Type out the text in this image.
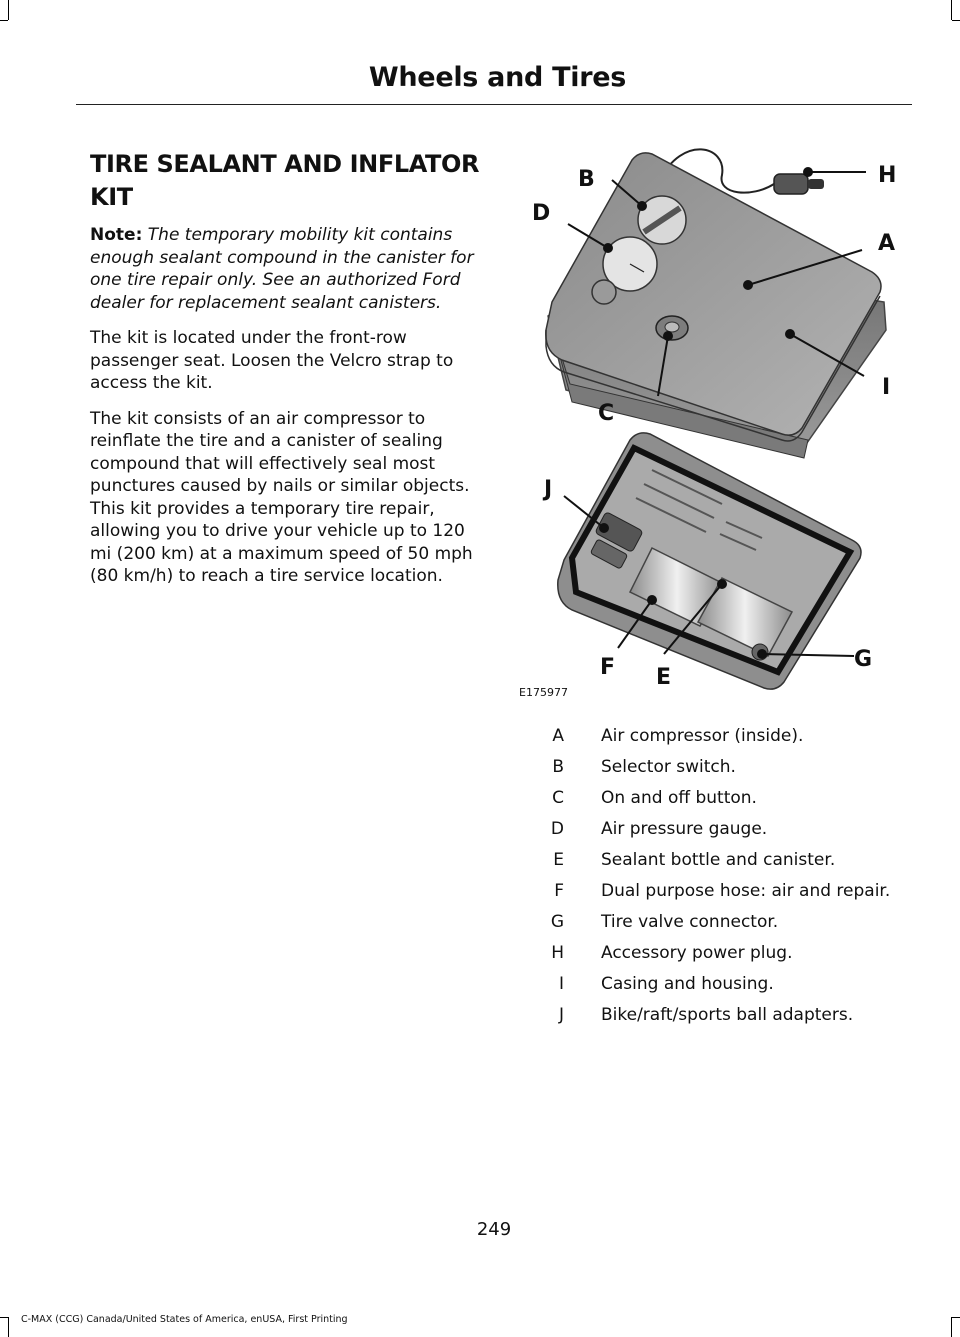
Wheels and Tires
TIRE SEALANT AND INFLATOR
KIT

Note: The temporary mobility kit contains enough sealant compound in the canister for one tire repair only. See an authorized Ford dealer for replacement sealant canisters.

The kit is located under the front-row passenger seat. Loosen the Velcro strap to access the kit.

The kit consists of an air compressor to reinflate the tire and a canister of sealing compound that will effectively seal most punctures caused by nails or similar objects. This kit provides a temporary tire repair, allowing you to drive your vehicle up to 120 mi (200 km) at a maximum speed of 50 mph (80 km/h) to reach a tire service location.

H
B
D
A
I
C
J
G
F E
E175977
A Air compressor (inside).
B Selector switch.
C On and off button.
D Air pressure gauge.
E Sealant bottle and canister.
F Dual purpose hose: air and repair.
G Tire valve connector.
H Accessory power plug.
I Casing and housing.
J Bike/raft/sports ball adapters.
249
C-MAX (CCG) Canada/United States of America, enUSA, First Printing
